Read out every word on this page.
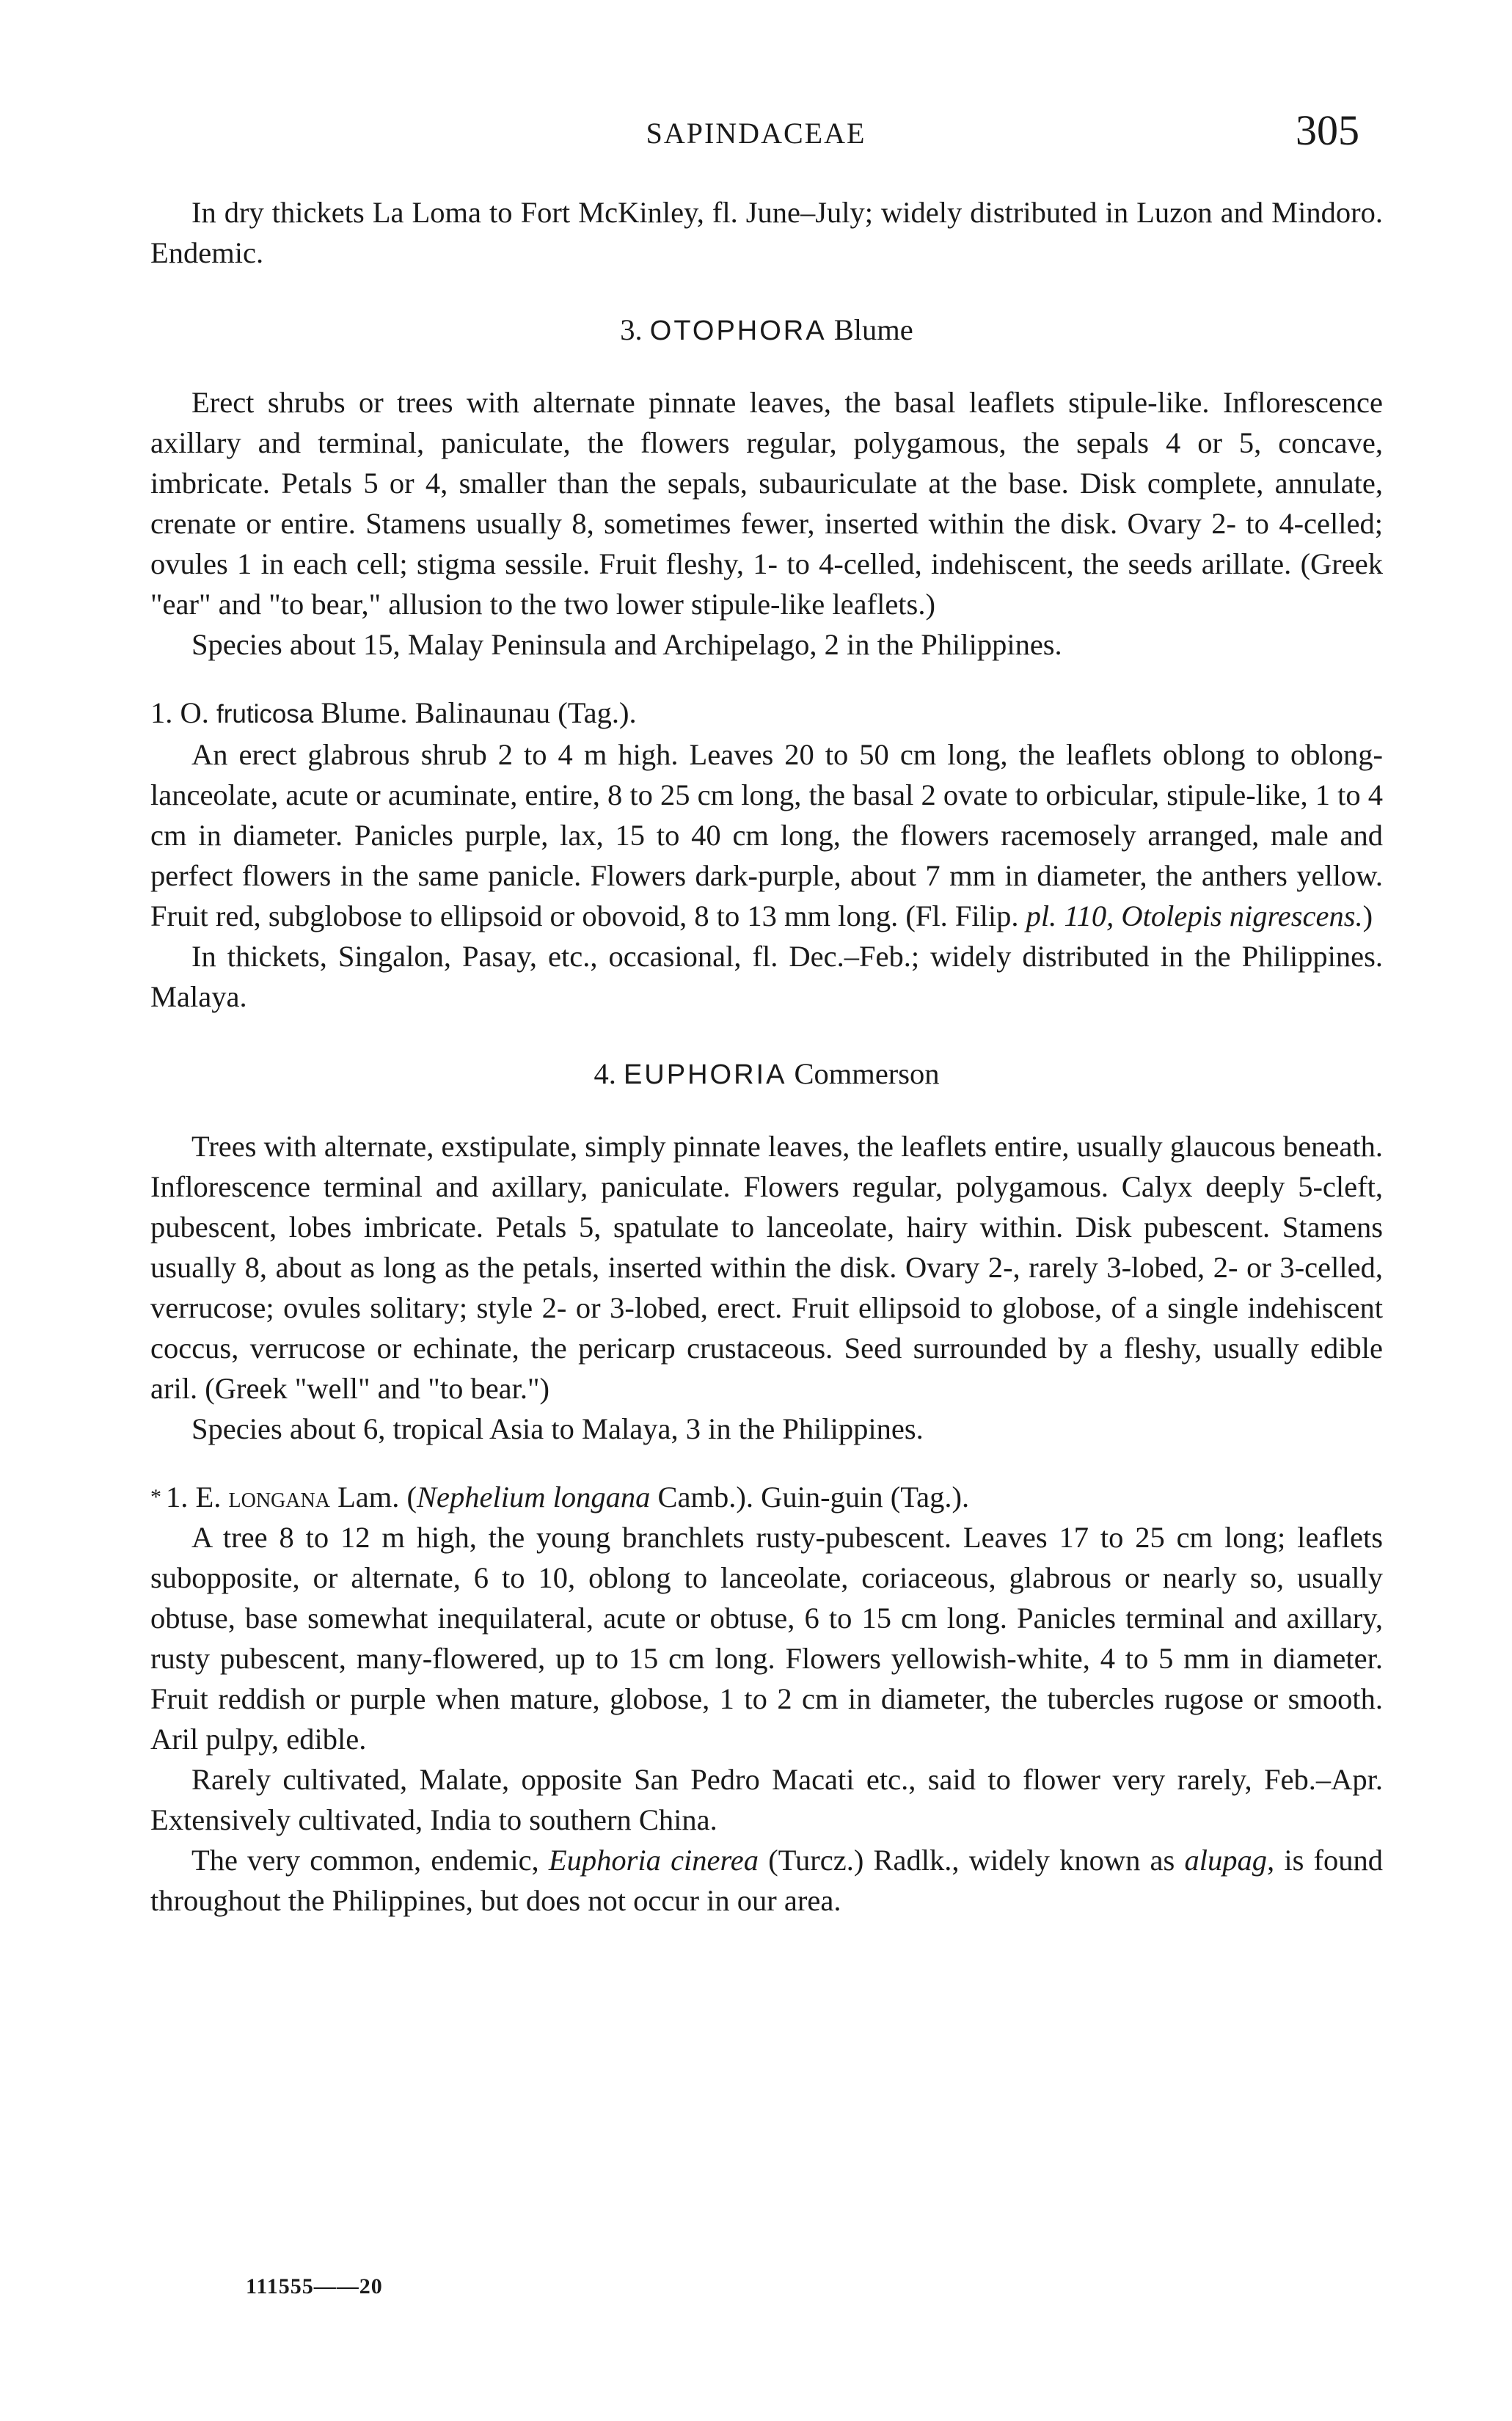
SAPINDACEAE	305

In dry thickets La Loma to Fort McKinley, fl. June–July; widely distributed in Luzon and Mindoro. Endemic.

3. OTOPHORA Blume

Erect shrubs or trees with alternate pinnate leaves, the basal leaflets stipule-like. Inflorescence axillary and terminal, paniculate, the flowers regular, polygamous, the sepals 4 or 5, concave, imbricate. Petals 5 or 4, smaller than the sepals, subauriculate at the base. Disk complete, annulate, crenate or entire. Stamens usually 8, sometimes fewer, inserted within the disk. Ovary 2- to 4-celled; ovules 1 in each cell; stigma sessile. Fruit fleshy, 1- to 4-celled, indehiscent, the seeds arillate. (Greek "ear" and "to bear," allusion to the two lower stipule-like leaflets.)

Species about 15, Malay Peninsula and Archipelago, 2 in the Philippines.

1. O. fruticosa Blume. Balinaunau (Tag.).

An erect glabrous shrub 2 to 4 m high. Leaves 20 to 50 cm long, the leaflets oblong to oblong-lanceolate, acute or acuminate, entire, 8 to 25 cm long, the basal 2 ovate to orbicular, stipule-like, 1 to 4 cm in diameter. Panicles purple, lax, 15 to 40 cm long, the flowers racemosely arranged, male and perfect flowers in the same panicle. Flowers dark-purple, about 7 mm in diameter, the anthers yellow. Fruit red, subglobose to ellipsoid or obovoid, 8 to 13 mm long. (Fl. Filip. pl. 110, Otolepis nigrescens.)

In thickets, Singalon, Pasay, etc., occasional, fl. Dec.–Feb.; widely distributed in the Philippines. Malaya.

4. EUPHORIA Commerson

Trees with alternate, exstipulate, simply pinnate leaves, the leaflets entire, usually glaucous beneath. Inflorescence terminal and axillary, paniculate. Flowers regular, polygamous. Calyx deeply 5-cleft, pubescent, lobes imbricate. Petals 5, spatulate to lanceolate, hairy within. Disk pubescent. Stamens usually 8, about as long as the petals, inserted within the disk. Ovary 2-, rarely 3-lobed, 2- or 3-celled, verrucose; ovules solitary; style 2- or 3-lobed, erect. Fruit ellipsoid to globose, of a single indehiscent coccus, verrucose or echinate, the pericarp crustaceous. Seed surrounded by a fleshy, usually edible aril. (Greek "well" and "to bear.")

Species about 6, tropical Asia to Malaya, 3 in the Philippines.

* 1. E. longana Lam. (Nephelium longana Camb.). Guin-guin (Tag.).

A tree 8 to 12 m high, the young branchlets rusty-pubescent. Leaves 17 to 25 cm long; leaflets subopposite, or alternate, 6 to 10, oblong to lanceolate, coriaceous, glabrous or nearly so, usually obtuse, base somewhat inequilateral, acute or obtuse, 6 to 15 cm long. Panicles terminal and axillary, rusty pubescent, many-flowered, up to 15 cm long. Flowers yellowish-white, 4 to 5 mm in diameter. Fruit reddish or purple when mature, globose, 1 to 2 cm in diameter, the tubercles rugose or smooth. Aril pulpy, edible.

Rarely cultivated, Malate, opposite San Pedro Macati etc., said to flower very rarely, Feb.–Apr. Extensively cultivated, India to southern China.

The very common, endemic, Euphoria cinerea (Turcz.) Radlk., widely known as alupag, is found throughout the Philippines, but does not occur in our area.

111555——20
